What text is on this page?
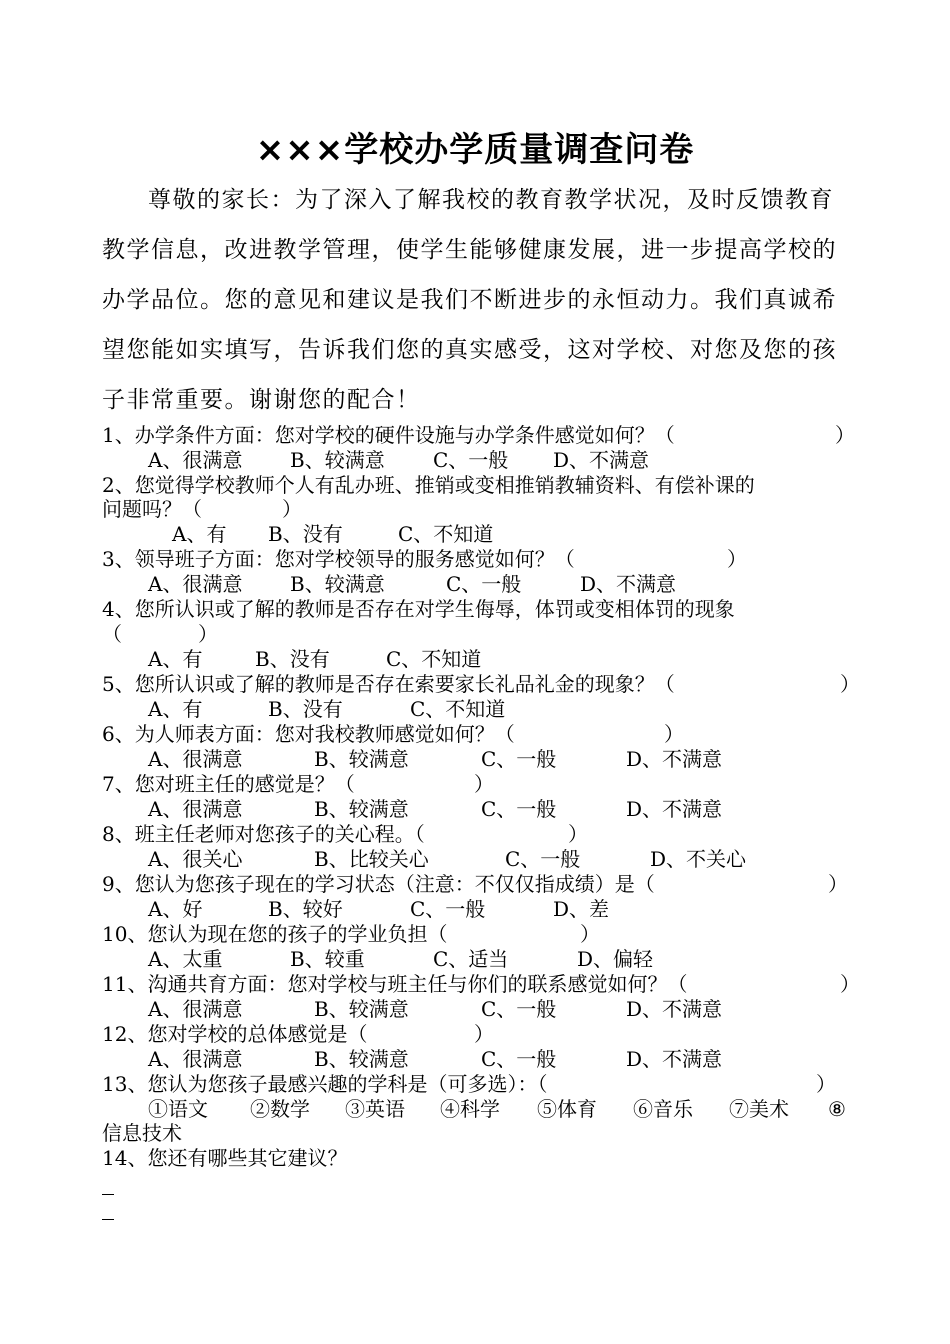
×××学校办学质量调查问卷
尊敬的家长：为了深入了解我校的教育教学状况，及时反馈教育
教学信息，改进教学管理，使学生能够健康发展，进一步提高学校的
办学品位。您的意见和建议是我们不断进步的永恒动力。我们真诚希
望您能如实填写，告诉我们您的真实感受，这对学校、对您及您的孩
子非常重要。谢谢您的配合！
1、办学条件方面：您对学校的硬件设施与办学条件感觉如何？（	）
A、很满意 B、较满意 C、一般 D、不满意
2、您觉得学校教师个人有乱办班、推销或变相推销教辅资料、有偿补课的
问题吗？（	）
A、有 B、没有	C、不知道
3、领导班子方面：您对学校领导的服务感觉如何？（	）
A、很满意 B、较满意	C、一般	D、不满意
4、您所认识或了解的教师是否存在对学生侮辱，体罚或变相体罚的现象
（	）
A、有	B、没有	C、不知道
5、您所认识或了解的教师是否存在索要家长礼品礼金的现象？（	）
A、有	B、没有	C、不知道
6、为人师表方面：您对我校教师感觉如何？（	）
A、很满意	B、较满意	C、一般	D、不满意
7、您对班主任的感觉是？（	）
A、很满意	B、较满意	C、一般	D、不满意
8、班主任老师对您孩子的关心程。（	）
A、很关心	B、比较关心	C、一般	D、不关心
9、您认为您孩子现在的学习状态（注意：不仅仅指成绩）是（	）
A、好	B、较好	C、一般	D、差
10、您认为现在您的孩子的学业负担（	）
A、太重	B、较重	C、适当	D、偏轻
11、沟通共育方面：您对学校与班主任与你们的联系感觉如何？（	）
A、很满意	B、较满意	C、一般	D、不满意
12、您对学校的总体感觉是（	）
A、很满意	B、较满意	C、一般	D、不满意
13、您认为您孩子最感兴趣的学科是（可多选）：（	）
①语文 ②数学 ③英语 ④科学 ⑤体育 ⑥音乐 ⑦美术 ⑧
信息技术
14、您还有哪些其它建议？
